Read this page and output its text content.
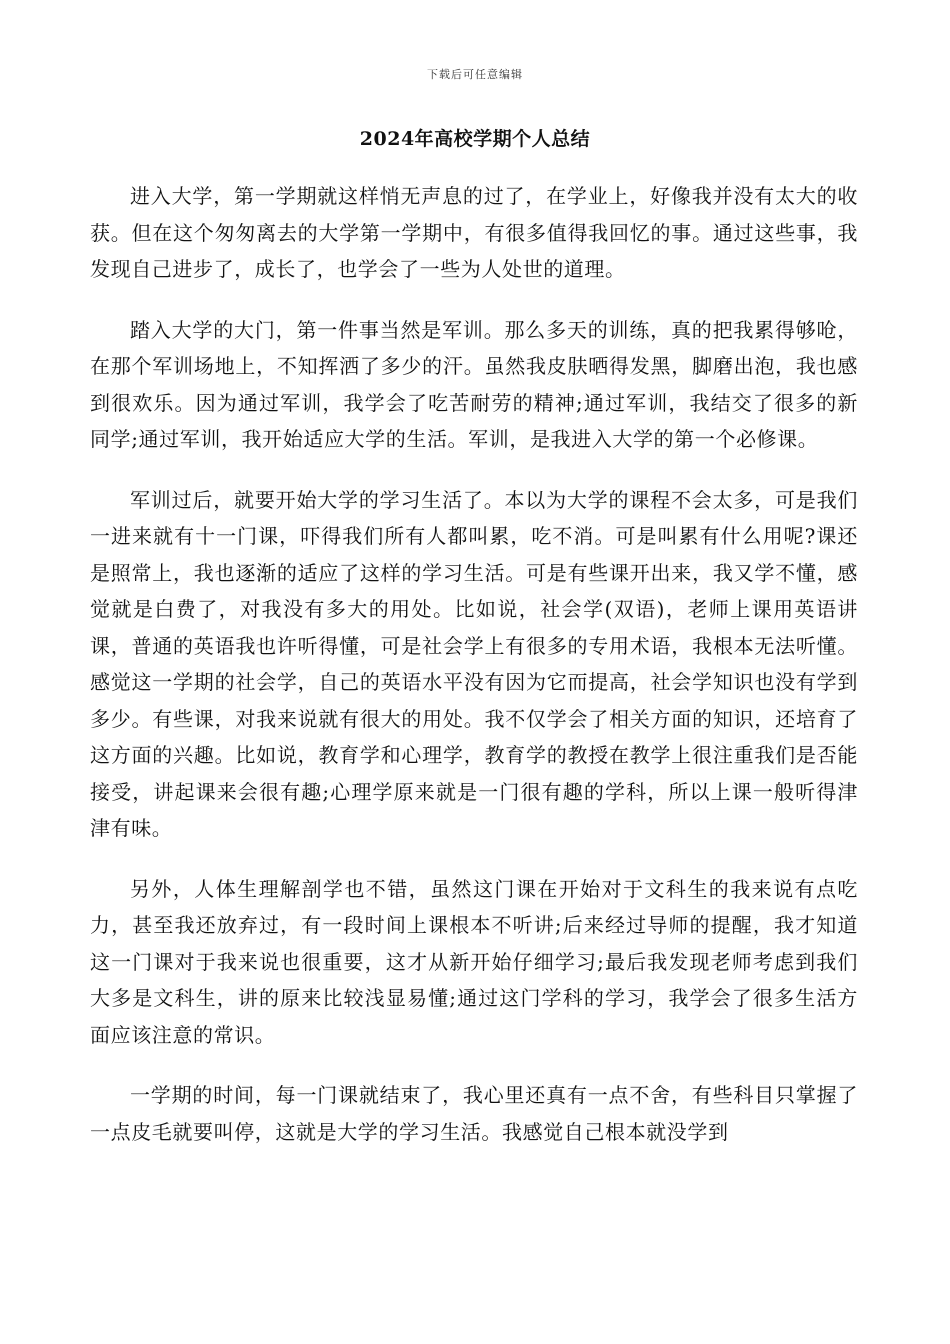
下载后可任意编辑
2024年高校学期个人总结

进入大学，第一学期就这样悄无声息的过了，在学业上，好像我并没有太大的收获。但在这个匆匆离去的大学第一学期中，有很多值得我回忆的事。通过这些事，我发现自己进步了，成长了，也学会了一些为人处世的道理。

踏入大学的大门，第一件事当然是军训。那么多天的训练，真的把我累得够呛，在那个军训场地上，不知挥洒了多少的汗。虽然我皮肤晒得发黑，脚磨出泡，我也感到很欢乐。因为通过军训，我学会了吃苦耐劳的精神;通过军训，我结交了很多的新同学;通过军训，我开始适应大学的生活。军训，是我进入大学的第一个必修课。

军训过后，就要开始大学的学习生活了。本以为大学的课程不会太多，可是我们一进来就有十一门课，吓得我们所有人都叫累，吃不消。可是叫累有什么用呢?课还是照常上，我也逐渐的适应了这样的学习生活。可是有些课开出来，我又学不懂，感觉就是白费了，对我没有多大的用处。比如说，社会学(双语)，老师上课用英语讲课，普通的英语我也许听得懂，可是社会学上有很多的专用术语，我根本无法听懂。感觉这一学期的社会学，自己的英语水平没有因为它而提高，社会学知识也没有学到多少。有些课，对我来说就有很大的用处。我不仅学会了相关方面的知识，还培育了这方面的兴趣。比如说，教育学和心理学，教育学的教授在教学上很注重我们是否能接受，讲起课来会很有趣;心理学原来就是一门很有趣的学科，所以上课一般听得津津有味。

另外，人体生理解剖学也不错，虽然这门课在开始对于文科生的我来说有点吃力，甚至我还放弃过，有一段时间上课根本不听讲;后来经过导师的提醒，我才知道这一门课对于我来说也很重要，这才从新开始仔细学习;最后我发现老师考虑到我们大多是文科生，讲的原来比较浅显易懂;通过这门学科的学习，我学会了很多生活方面应该注意的常识。

一学期的时间，每一门课就结束了，我心里还真有一点不舍，有些科目只掌握了一点皮毛就要叫停，这就是大学的学习生活。我感觉自己根本就没学到
